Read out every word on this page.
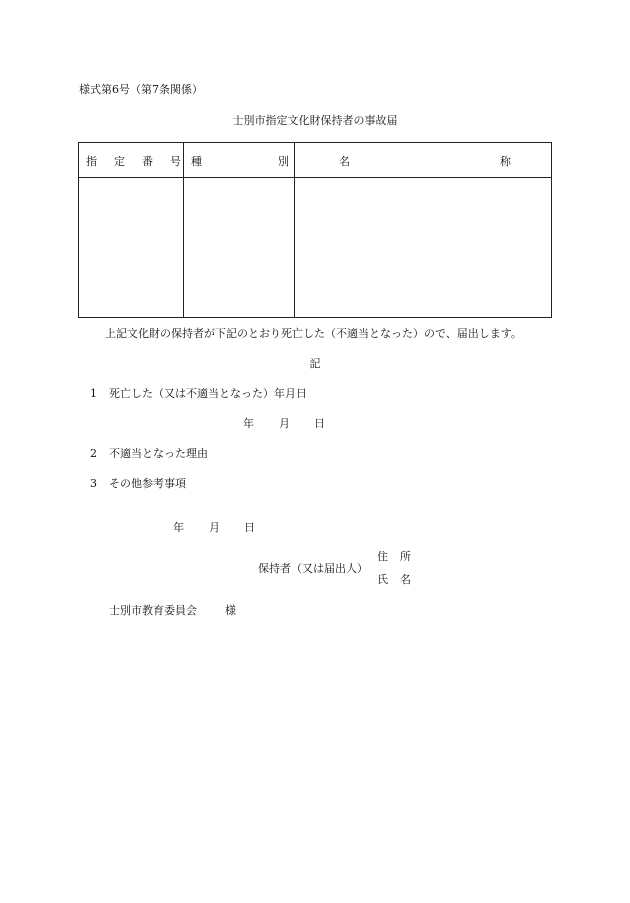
様式第6号（第7条関係）
士別市指定文化財保持者の事故届
指 定 番 号	種 別	名 称

上記文化財の保持者が下記のとおり死亡した（不適当となった）ので、届出します。
記
1 死亡した（又は不適当となった）年月日
年 月 日
2 不適当となった理由
3 その他参考事項
年 月 日
保持者（又は届出人）
住 所
氏 名
士別市教育委員会	様
